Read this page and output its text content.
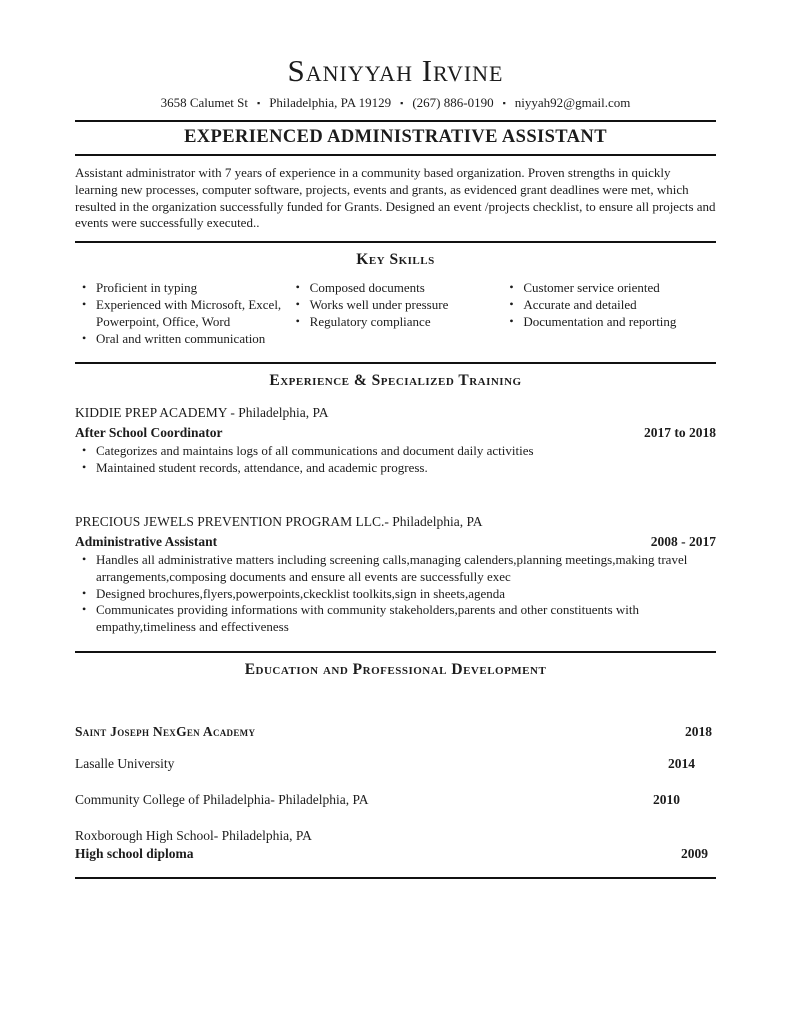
Saniyyah Irvine
3658 Calumet St ▪ Philadelphia, PA 19129 ▪ (267) 886-0190 ▪ niyyah92@gmail.com
EXPERIENCED ADMINISTRATIVE ASSISTANT

Assistant administrator with 7 years of experience in a community based organization. Proven strengths in quickly learning new processes, computer software, projects, events and grants, as evidenced grant deadlines were met, which resulted in the organization successfully funded for Grants. Designed an event /projects checklist, to ensure all projects and events were successfully executed..

Key Skills
• Proficient in typing
• Experienced with Microsoft, Excel, Powerpoint, Office, Word
• Oral and written communication
• Composed documents
• Works well under pressure
• Regulatory compliance
• Customer service oriented
• Accurate and detailed
• Documentation and reporting
Experience & Specialized Training
KIDDIE PREP ACADEMY - Philadelphia, PA
After School Coordinator	2017 to 2018
• Categorizes and maintains logs of all communications and document daily activities
• Maintained student records, attendance, and academic progress.
PRECIOUS JEWELS PREVENTION PROGRAM LLC.- Philadelphia, PA
Administrative Assistant	2008 - 2017
• Handles all administrative matters including screening calls,managing calenders,planning meetings,making travel arrangements,composing documents and ensure all events are successfully exec
• Designed brochures,flyers,powerpoints,ckecklist toolkits,sign in sheets,agenda
• Communicates providing informations with community stakeholders,parents and other constituents with empathy,timeliness and effectiveness
Education and Professional Development
Saint Joseph NexGen Academy	2018
Lasalle University	2014
Community College of Philadelphia- Philadelphia, PA	2010
Roxborough High School- Philadelphia, PA
High school diploma	2009
